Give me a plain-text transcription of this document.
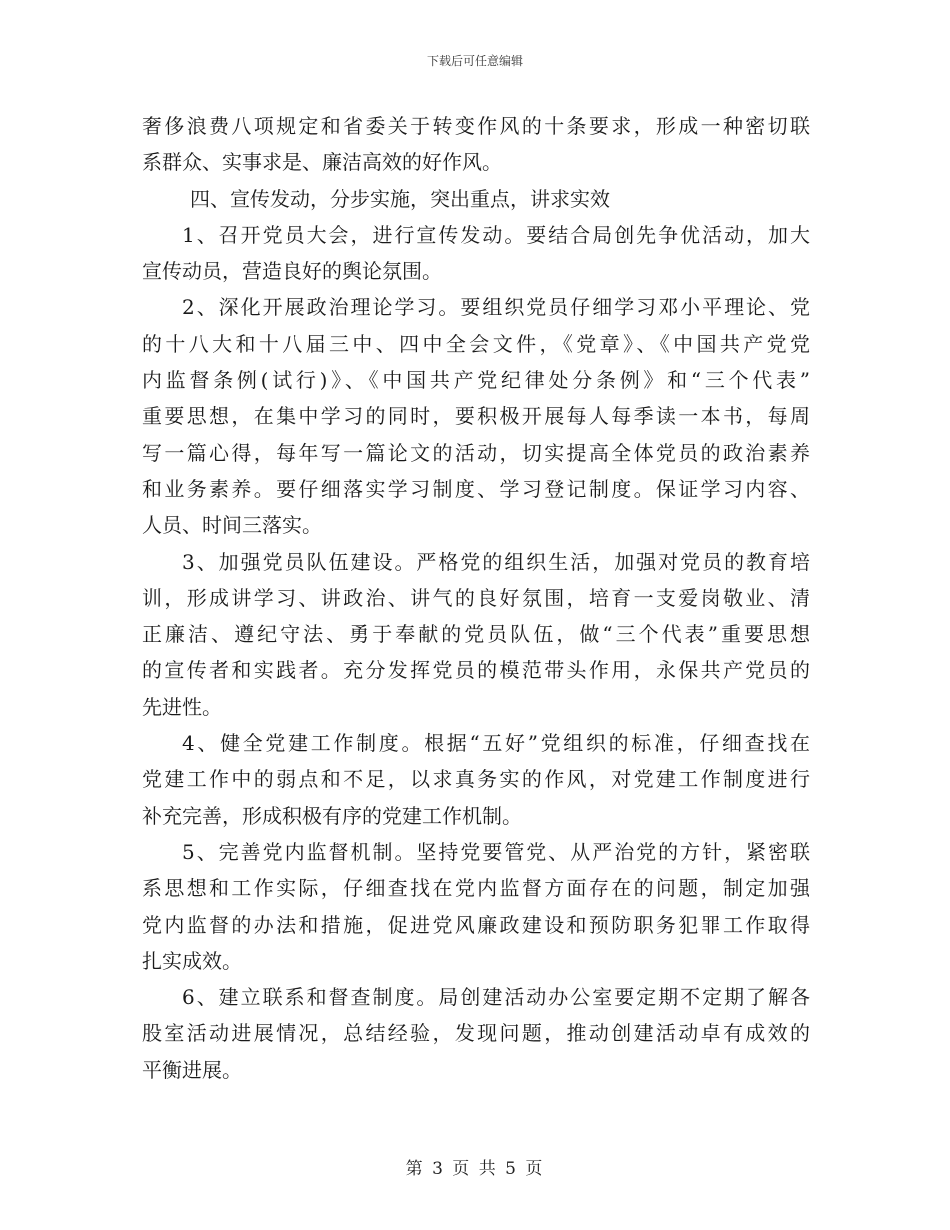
下载后可任意编辑
奢侈浪费八项规定和省委关于转变作风的十条要求，形成一种密切联
系群众、实事求是、廉洁高效的好作风。
四、宣传发动，分步实施，突出重点，讲求实效
1、召开党员大会，进行宣传发动。要结合局创先争优活动，加大
宣传动员，营造良好的舆论氛围。
2、深化开展政治理论学习。要组织党员仔细学习邓小平理论、党
的十八大和十八届三中、四中全会文件，《党章》、《中国共产党党
内监督条例(试行)》、《中国共产党纪律处分条例》和“三个代表”
重要思想，在集中学习的同时，要积极开展每人每季读一本书，每周
写一篇心得，每年写一篇论文的活动，切实提高全体党员的政治素养
和业务素养。要仔细落实学习制度、学习登记制度。保证学习内容、
人员、时间三落实。
3、加强党员队伍建设。严格党的组织生活，加强对党员的教育培
训，形成讲学习、讲政治、讲气的良好氛围，培育一支爱岗敬业、清
正廉洁、遵纪守法、勇于奉献的党员队伍，做“三个代表”重要思想
的宣传者和实践者。充分发挥党员的模范带头作用，永保共产党员的
先进性。
4、健全党建工作制度。根据“五好”党组织的标准，仔细查找在
党建工作中的弱点和不足，以求真务实的作风，对党建工作制度进行
补充完善，形成积极有序的党建工作机制。
5、完善党内监督机制。坚持党要管党、从严治党的方针，紧密联
系思想和工作实际，仔细查找在党内监督方面存在的问题，制定加强
党内监督的办法和措施，促进党风廉政建设和预防职务犯罪工作取得
扎实成效。
6、建立联系和督查制度。局创建活动办公室要定期不定期了解各
股室活动进展情况，总结经验，发现问题，推动创建活动卓有成效的
平衡进展。
第 3 页 共 5 页
